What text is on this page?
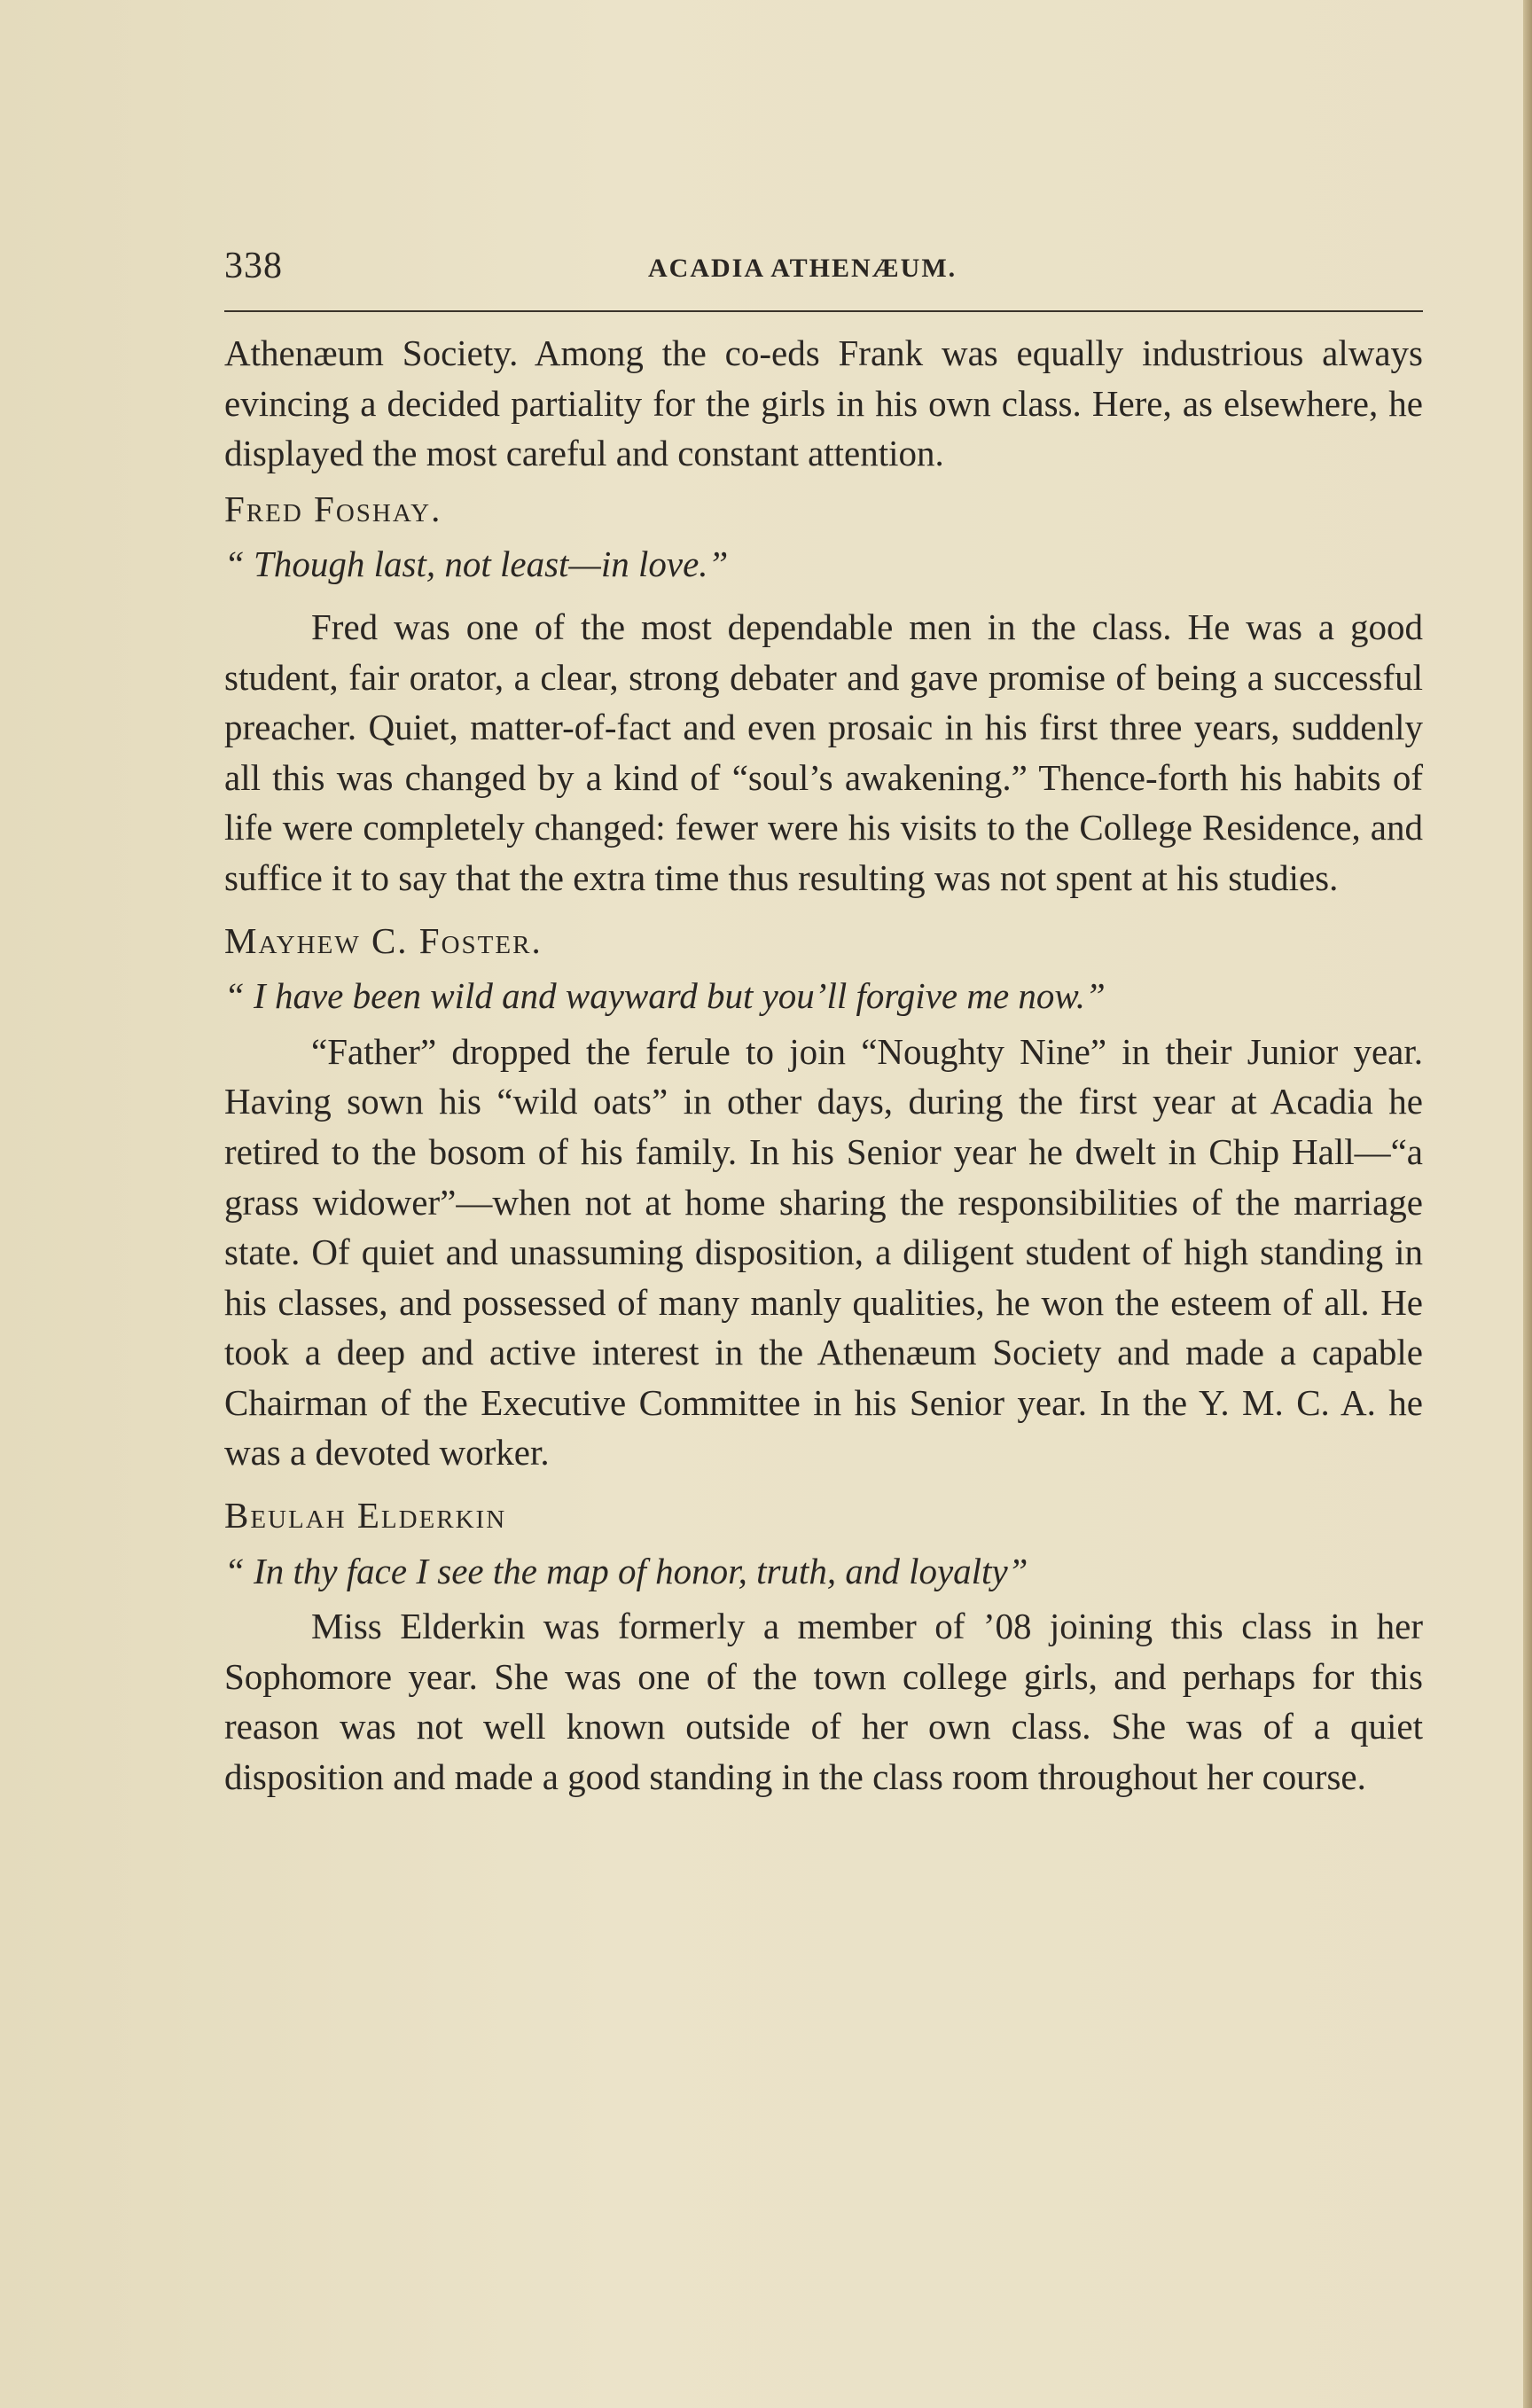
338	ACADIA ATHENÆUM.

Athenæum Society. Among the co-eds Frank was equally industrious always evincing a decided partiality for the girls in his own class. Here, as elsewhere, he displayed the most careful and constant attention.

Fred Foshay.

“ Though last, not least—in love.”

Fred was one of the most dependable men in the class. He was a good student, fair orator, a clear, strong debater and gave promise of being a successful preacher. Quiet, matter-of-fact and even prosaic in his first three years, suddenly all this was changed by a kind of “soul’s awakening.” Thence-forth his habits of life were completely changed: fewer were his visits to the College Residence, and suffice it to say that the extra time thus resulting was not spent at his studies.

Mayhew C. Foster.

“ I have been wild and wayward but you’ll forgive me now.”

“Father” dropped the ferule to join “Noughty Nine” in their Junior year. Having sown his “wild oats” in other days, during the first year at Acadia he retired to the bosom of his family. In his Senior year he dwelt in Chip Hall—“a grass widower”—when not at home sharing the responsibilities of the marriage state. Of quiet and unassuming disposition, a diligent student of high standing in his classes, and possessed of many manly qualities, he won the esteem of all. He took a deep and active interest in the Athenæum Society and made a capable Chairman of the Executive Committee in his Senior year. In the Y. M. C. A. he was a devoted worker.

Beulah Elderkin

“ In thy face I see the map of honor, truth, and loyalty”

Miss Elderkin was formerly a member of ’08 joining this class in her Sophomore year. She was one of the town college girls, and perhaps for this reason was not well known outside of her own class. She was of a quiet disposition and made a good standing in the class room throughout her course.
